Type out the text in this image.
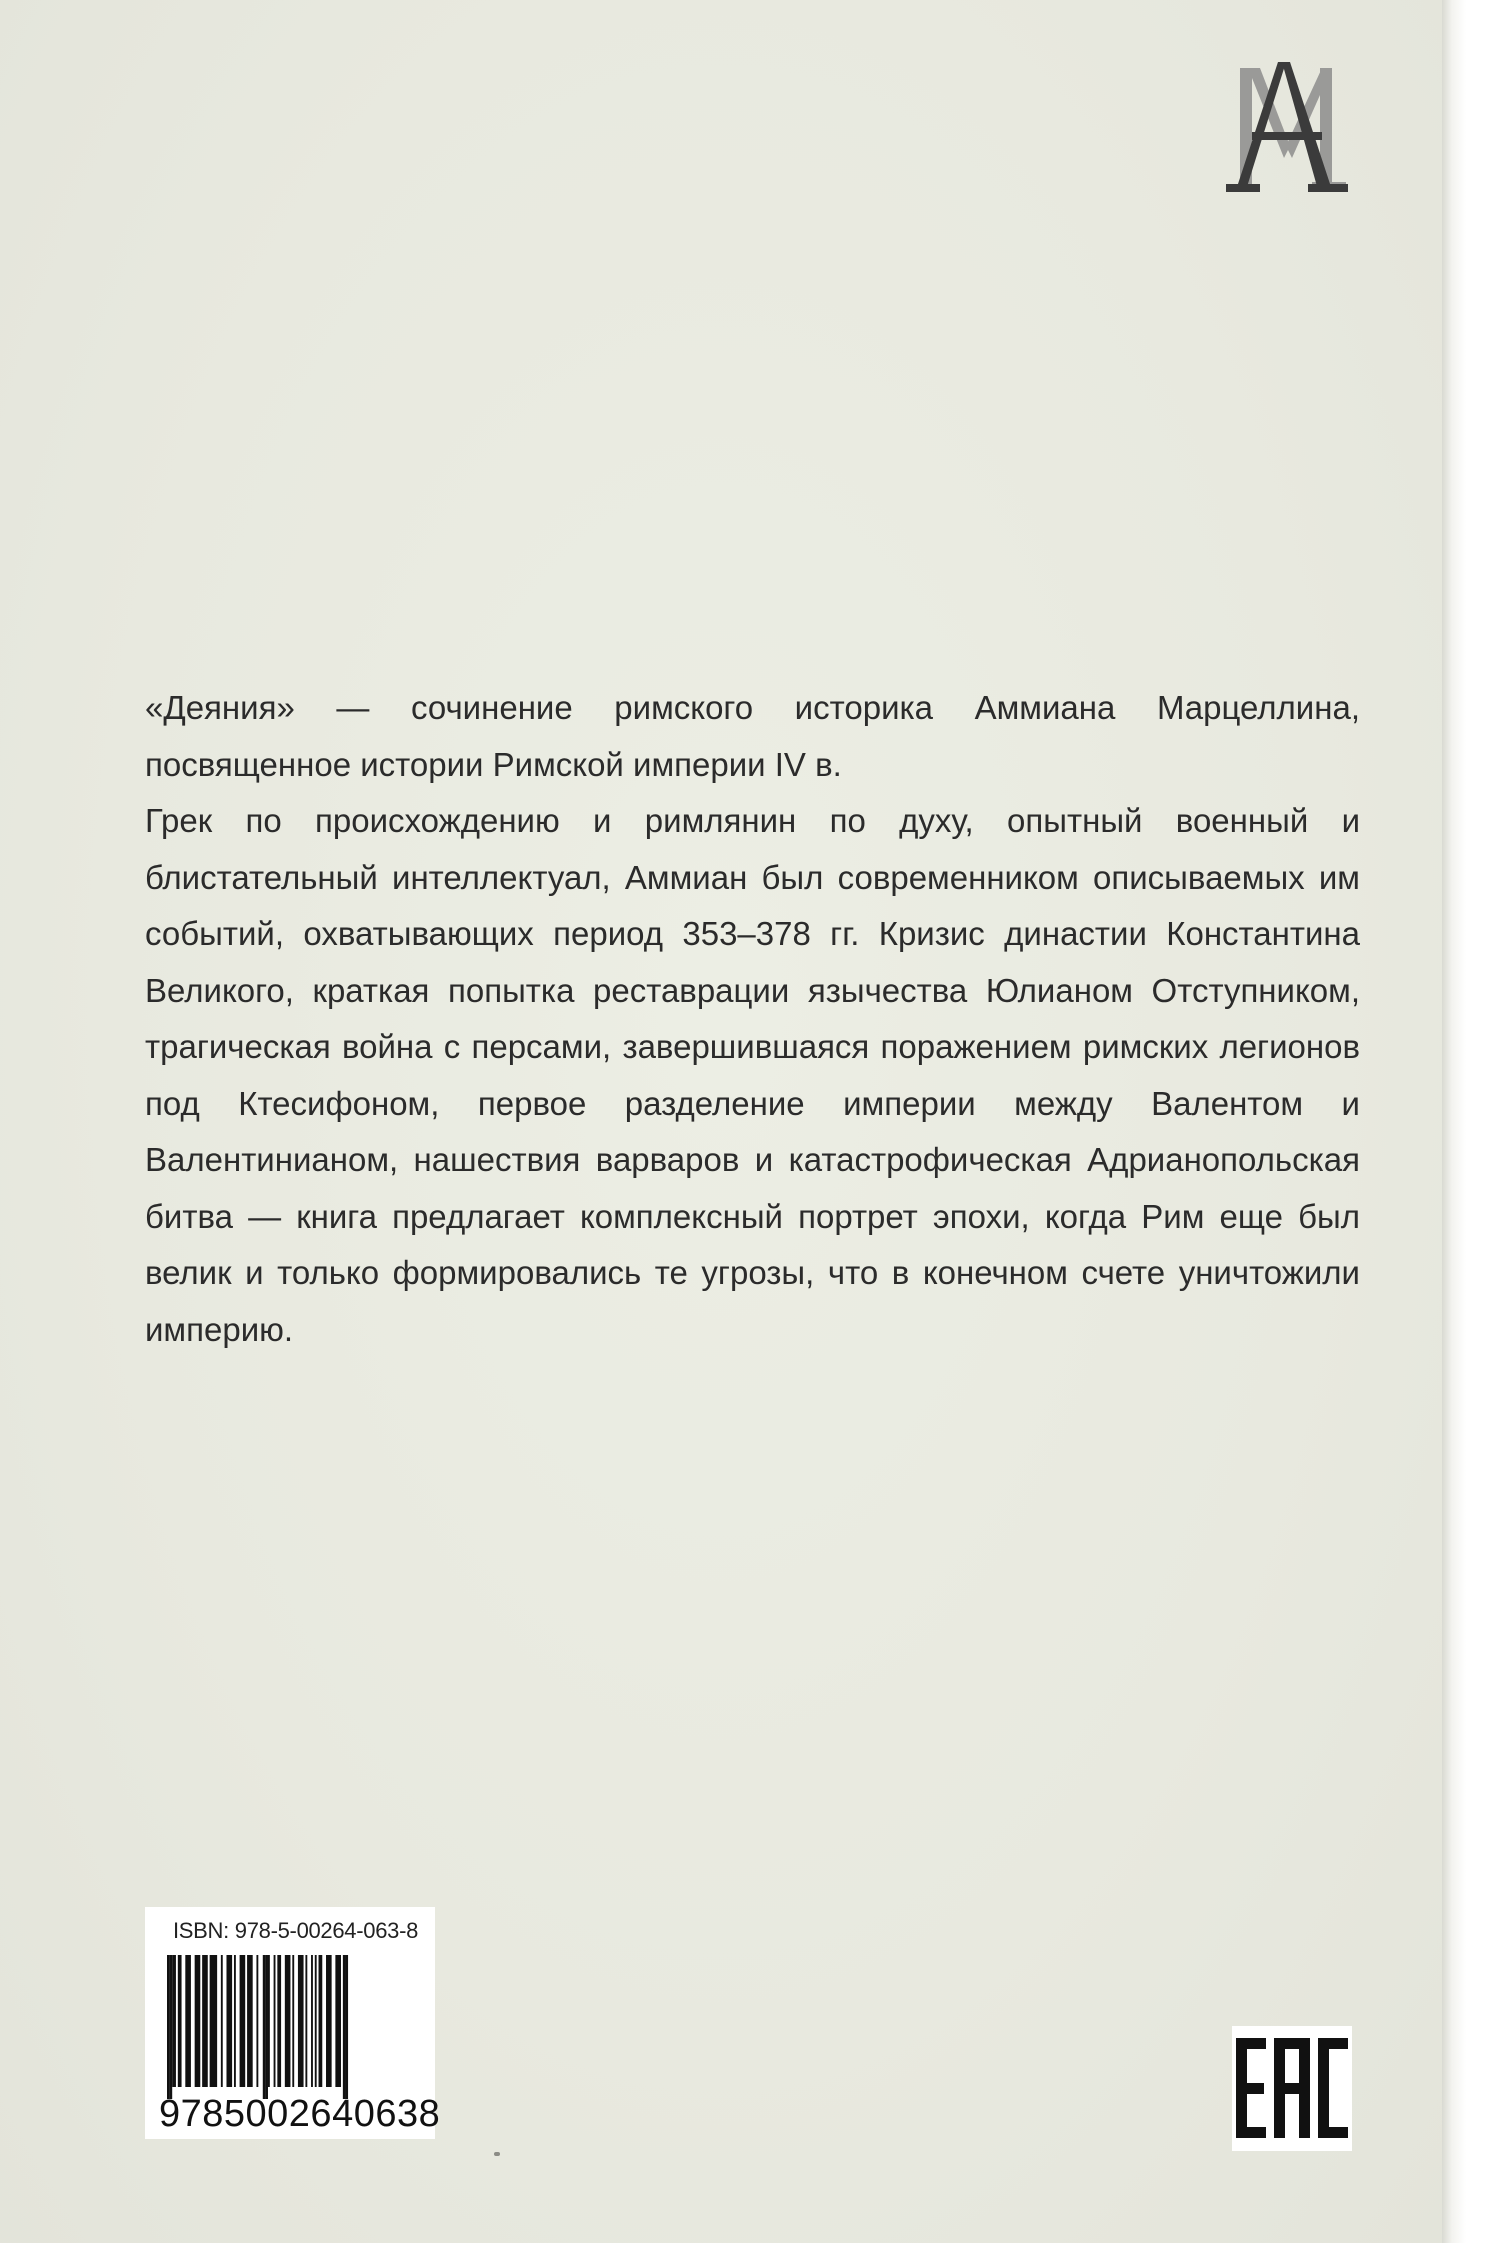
«Деяния» — сочинение римского историка Аммиана Марцеллина, посвященное истории Римской империи IV в.

Грек по происхождению и римлянин по духу, опытный военный и блистательный интеллектуал, Аммиан был современником описываемых им событий, охватывающих период 353–378 гг. Кризис династии Константина Великого, краткая попытка реставрации язычества Юлианом Отступником, трагическая война с персами, завершившаяся поражением римских легионов под Ктесифоном, первое разделение империи между Валентом и Валентинианом, нашествия варваров и катастрофическая Адрианопольская битва — книга предлагает комплексный портрет эпохи, когда Рим еще был велик и только формировались те угрозы, что в конечном счете уничтожили империю.

ISBN: 978-5-00264-063-8
9785002640638
